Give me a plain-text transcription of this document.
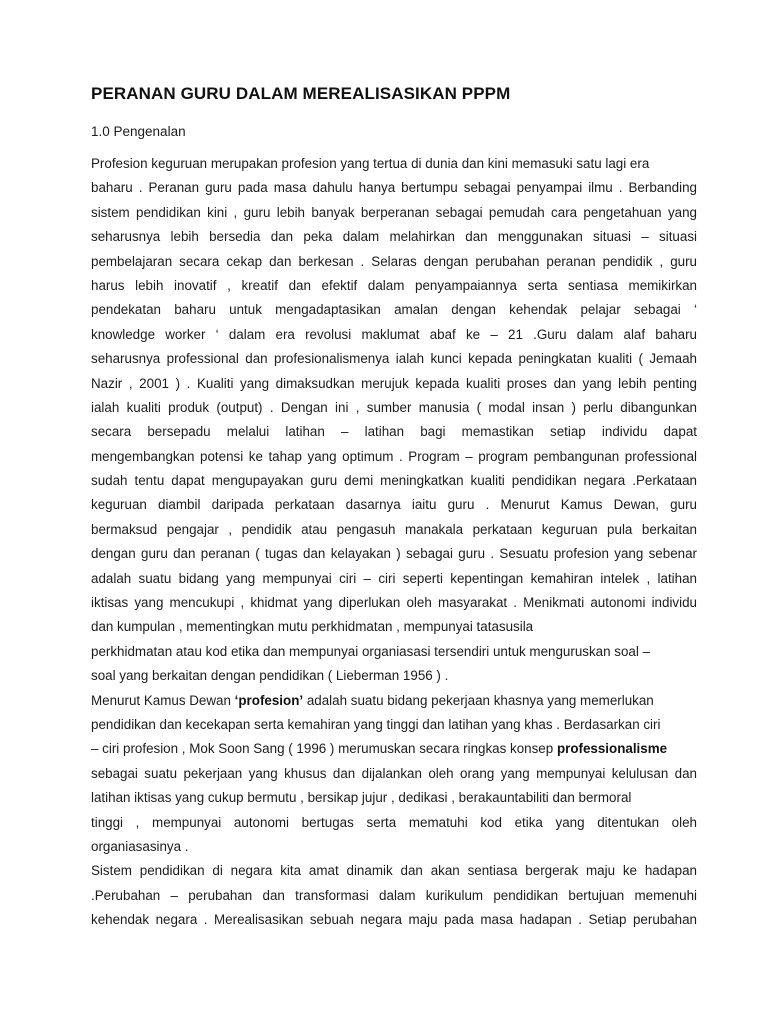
PERANAN GURU DALAM MEREALISASIKAN PPPM

1.0 Pengenalan

Profesion keguruan merupakan profesion yang tertua di dunia dan kini memasuki satu lagi era
baharu . Peranan guru pada masa dahulu hanya bertumpu sebagai penyampai ilmu . Berbanding
sistem pendidikan kini , guru lebih banyak berperanan sebagai pemudah cara pengetahuan yang
seharusnya lebih bersedia dan peka dalam melahirkan dan menggunakan situasi – situasi
pembelajaran secara cekap dan berkesan . Selaras dengan perubahan peranan pendidik , guru
harus lebih inovatif , kreatif dan efektif dalam penyampaiannya serta sentiasa memikirkan
pendekatan baharu untuk mengadaptasikan amalan dengan kehendak pelajar sebagai ‘
knowledge worker ‘ dalam era revolusi maklumat abaf ke – 21 .Guru dalam alaf baharu
seharusnya professional dan profesionalismenya ialah kunci kepada peningkatan kualiti ( Jemaah
Nazir , 2001 ) . Kualiti yang dimaksudkan merujuk kepada kualiti proses dan yang lebih penting
ialah kualiti produk (output) . Dengan ini , sumber manusia ( modal insan ) perlu dibangunkan
secara bersepadu melalui latihan – latihan bagi memastikan setiap individu dapat
mengembangkan potensi ke tahap yang optimum . Program – program pembangunan professional
sudah tentu dapat mengupayakan guru demi meningkatkan kualiti pendidikan negara .Perkataan
keguruan diambil daripada perkataan dasarnya iaitu guru . Menurut Kamus Dewan, guru
bermaksud pengajar , pendidik atau pengasuh manakala perkataan keguruan pula berkaitan
dengan guru dan peranan ( tugas dan kelayakan ) sebagai guru . Sesuatu profesion yang sebenar
adalah suatu bidang yang mempunyai ciri – ciri seperti kepentingan kemahiran intelek , latihan
iktisas yang mencukupi , khidmat yang diperlukan oleh masyarakat . Menikmati autonomi individu
dan kumpulan , mementingkan mutu perkhidmatan , mempunyai tatasusila
perkhidmatan atau kod etika dan mempunyai organiasasi tersendiri untuk menguruskan soal –
soal yang berkaitan dengan pendidikan ( Lieberman 1956 ) .
Menurut Kamus Dewan ‘profesion’ adalah suatu bidang pekerjaan khasnya yang memerlukan
pendidikan dan kecekapan serta kemahiran yang tinggi dan latihan yang khas . Berdasarkan ciri
– ciri profesion , Mok Soon Sang ( 1996 ) merumuskan secara ringkas konsep professionalisme
sebagai suatu pekerjaan yang khusus dan dijalankan oleh orang yang mempunyai kelulusan dan
latihan iktisas yang cukup bermutu , bersikap jujur , dedikasi , berakauntabiliti dan bermoral
tinggi , mempunyai autonomi bertugas serta mematuhi kod etika yang ditentukan oleh
organiasasinya .
Sistem pendidikan di negara kita amat dinamik dan akan sentiasa bergerak maju ke hadapan
.Perubahan – perubahan dan transformasi dalam kurikulum pendidikan bertujuan memenuhi
kehendak negara . Merealisasikan sebuah negara maju pada masa hadapan . Setiap perubahan
